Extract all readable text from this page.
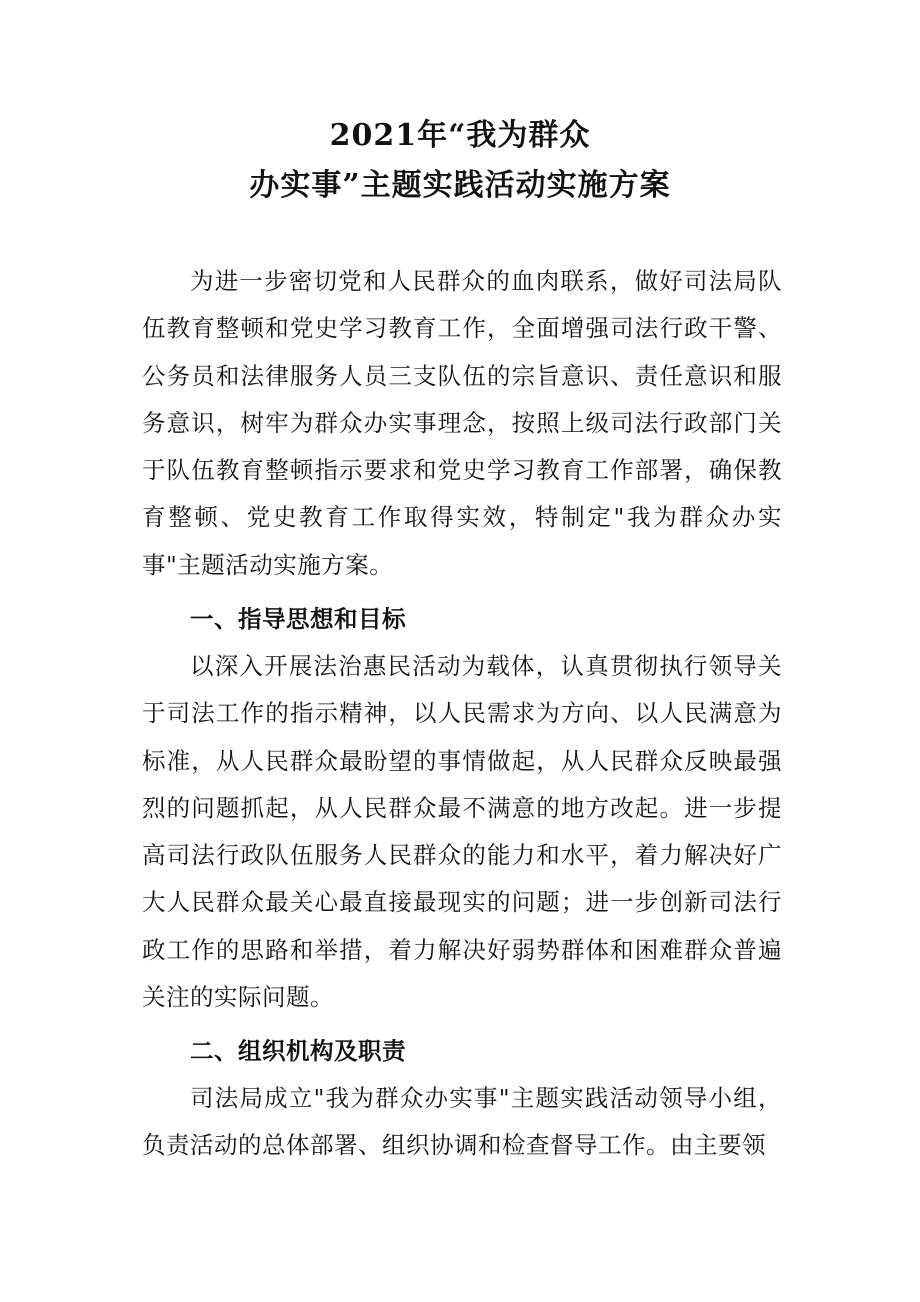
2021年“我为群众
办实事”主题实践活动实施方案

为进一步密切党和人民群众的血肉联系，做好司法局队伍教育整顿和党史学习教育工作，全面增强司法行政干警、公务员和法律服务人员三支队伍的宗旨意识、责任意识和服务意识，树牢为群众办实事理念，按照上级司法行政部门关于队伍教育整顿指示要求和党史学习教育工作部署，确保教育整顿、党史教育工作取得实效，特制定"我为群众办实事"主题活动实施方案。

一、指导思想和目标

以深入开展法治惠民活动为载体，认真贯彻执行领导关于司法工作的指示精神，以人民需求为方向、以人民满意为标准，从人民群众最盼望的事情做起，从人民群众反映最强烈的问题抓起，从人民群众最不满意的地方改起。进一步提高司法行政队伍服务人民群众的能力和水平，着力解决好广大人民群众最关心最直接最现实的问题；进一步创新司法行政工作的思路和举措，着力解决好弱势群体和困难群众普遍关注的实际问题。

二、组织机构及职责

司法局成立"我为群众办实事"主题实践活动领导小组，负责活动的总体部署、组织协调和检查督导工作。由主要领
